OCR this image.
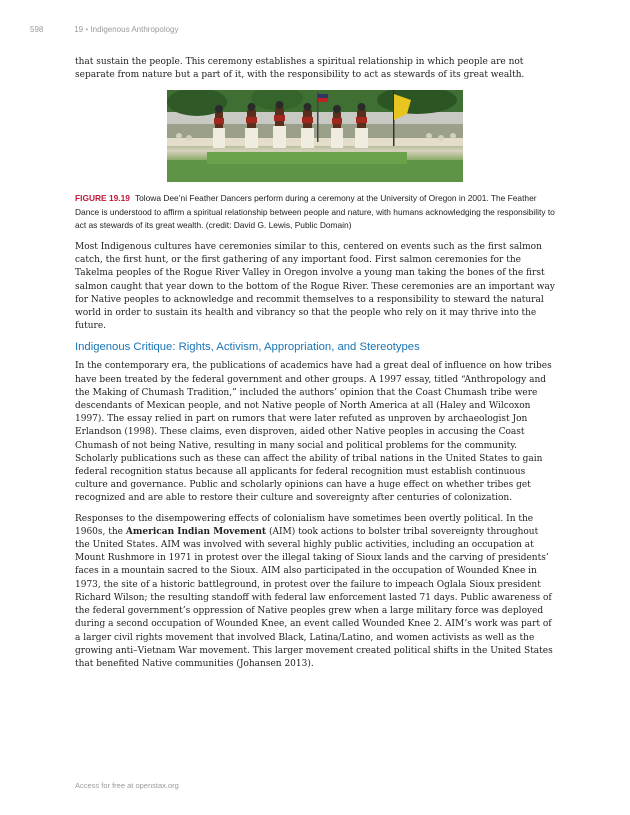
598	19 • Indigenous Anthropology

that sustain the people. This ceremony establishes a spiritual relationship in which people are not separate from nature but a part of it, with the responsibility to act as stewards of its great wealth.

FIGURE 19.19 Tolowa Dee’ni Feather Dancers perform during a ceremony at the University of Oregon in 2001. The Feather Dance is understood to affirm a spiritual relationship between people and nature, with humans acknowledging the responsibility to act as stewards of its great wealth. (credit: David G. Lewis, Public Domain)

Most Indigenous cultures have ceremonies similar to this, centered on events such as the first salmon catch, the first hunt, or the first gathering of any important food. First salmon ceremonies for the Takelma peoples of the Rogue River Valley in Oregon involve a young man taking the bones of the first salmon caught that year down to the bottom of the Rogue River. These ceremonies are an important way for Native peoples to acknowledge and recommit themselves to a responsibility to steward the natural world in order to sustain its health and vibrancy so that the people who rely on it may thrive into the future.

Indigenous Critique: Rights, Activism, Appropriation, and Stereotypes

In the contemporary era, the publications of academics have had a great deal of influence on how tribes have been treated by the federal government and other groups. A 1997 essay, titled “Anthropology and the Making of Chumash Tradition,” included the authors’ opinion that the Coast Chumash tribe were descendants of Mexican people, and not Native people of North America at all (Haley and Wilcoxon 1997). The essay relied in part on rumors that were later refuted as unproven by archaeologist Jon Erlandson (1998). These claims, even disproven, aided other Native peoples in accusing the Coast Chumash of not being Native, resulting in many social and political problems for the community. Scholarly publications such as these can affect the ability of tribal nations in the United States to gain federal recognition status because all applicants for federal recognition must establish continuous culture and governance. Public and scholarly opinions can have a huge effect on whether tribes get recognized and are able to restore their culture and sovereignty after centuries of colonization.

Responses to the disempowering effects of colonialism have sometimes been overtly political. In the 1960s, the American Indian Movement (AIM) took actions to bolster tribal sovereignty throughout the United States. AIM was involved with several highly public activities, including an occupation at Mount Rushmore in 1971 in protest over the illegal taking of Sioux lands and the carving of presidents’ faces in a mountain sacred to the Sioux. AIM also participated in the occupation of Wounded Knee in 1973, the site of a historic battleground, in protest over the failure to impeach Oglala Sioux president Richard Wilson; the resulting standoff with federal law enforcement lasted 71 days. Public awareness of the federal government’s oppression of Native peoples grew when a large military force was deployed during a second occupation of Wounded Knee, an event called Wounded Knee 2. AIM’s work was part of a larger civil rights movement that involved Black, Latina/Latino, and women activists as well as the growing anti–Vietnam War movement. This larger movement created political shifts in the United States that benefited Native communities (Johansen 2013).

Access for free at openstax.org
